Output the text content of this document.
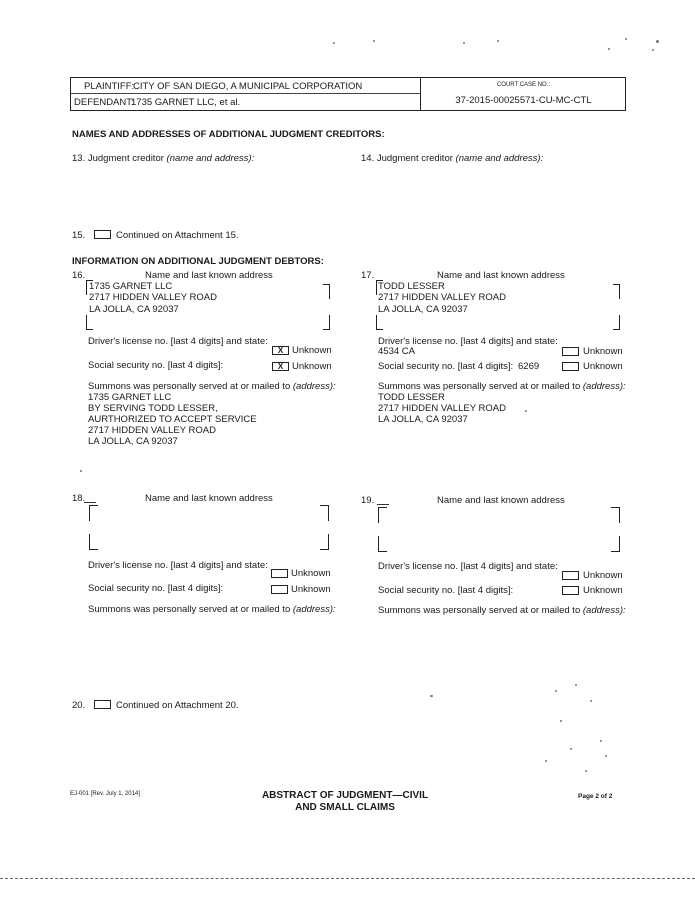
PLAINTIFF:
CITY OF SAN DIEGO, A MUNICIPAL CORPORATION
DEFENDANT:
1735 GARNET LLC, et al.
COURT CASE NO.:
37-2015-00025571-CU-MC-CTL
NAMES AND ADDRESSES OF ADDITIONAL JUDGMENT CREDITORS:
13. Judgment creditor (name and address):	14. Judgment creditor (name and address):
15.	Continued on Attachment 15.
INFORMATION ON ADDITIONAL JUDGMENT DEBTORS:
16.	Name and last known address
1735 GARNET LLC
2717 HIDDEN VALLEY ROAD
LA JOLLA, CA 92037
Driver's license no. [last 4 digits] and state:
X Unknown
Social security no. [last 4 digits]:	X Unknown
Summons was personally served at or mailed to (address):
1735 GARNET LLC
BY SERVING TODD LESSER,
AURTHORIZED TO ACCEPT SERVICE
2717 HIDDEN VALLEY ROAD
LA JOLLA, CA 92037
17.	Name and last known address
TODD LESSER
2717 HIDDEN VALLEY ROAD
LA JOLLA, CA 92037
Driver's license no. [last 4 digits] and state:
4534 CA	Unknown
Social security no. [last 4 digits]: 6269	Unknown
Summons was personally served at or mailed to (address):
TODD LESSER
2717 HIDDEN VALLEY ROAD
LA JOLLA, CA 92037
18.	Name and last known address
Driver's license no. [last 4 digits] and state:
Unknown
Social security no. [last 4 digits]:	Unknown
Summons was personally served at or mailed to (address):
19.	Name and last known address
Driver's license no. [last 4 digits] and state:
Unknown
Social security no. [last 4 digits]:	Unknown
Summons was personally served at or mailed to (address):
20.	Continued on Attachment 20.
EJ-001 [Rev. July 1, 2014]	ABSTRACT OF JUDGMENT—CIVIL
AND SMALL CLAIMS
Page 2 of 2
